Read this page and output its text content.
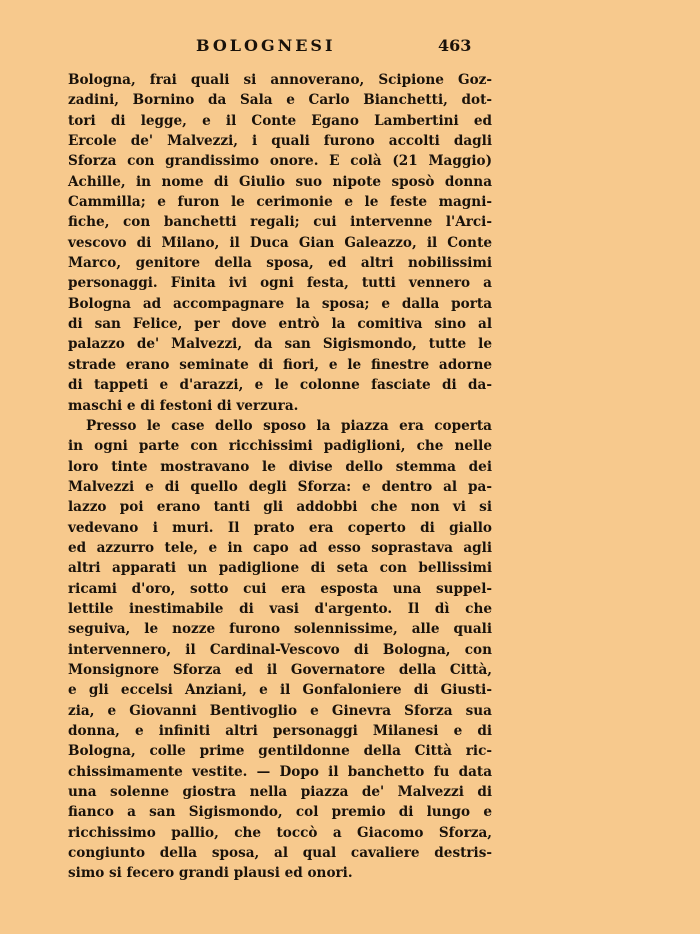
BOLOGNESI	463
Bologna, frai quali si annoverano, Scipione Goz-
zadini, Bornino da Sala e Carlo Bianchetti, dot-
tori di legge, e il Conte Egano Lambertini ed
Ercole de' Malvezzi, i quali furono accolti dagli
Sforza con grandissimo onore. E colà (21 Maggio)
Achille, in nome di Giulio suo nipote sposò donna
Cammilla; e furon le cerimonie e le feste magni-
fiche, con banchetti regali; cui intervenne l'Arci-
vescovo di Milano, il Duca Gian Galeazzo, il Conte
Marco, genitore della sposa, ed altri nobilissimi
personaggi. Finita ivi ogni festa, tutti vennero a
Bologna ad accompagnare la sposa; e dalla porta
di san Felice, per dove entrò la comitiva sino al
palazzo de' Malvezzi, da san Sigismondo, tutte le
strade erano seminate di fiori, e le finestre adorne
di tappeti e d'arazzi, e le colonne fasciate di da-
maschi e di festoni di verzura.
Presso le case dello sposo la piazza era coperta
in ogni parte con ricchissimi padiglioni, che nelle
loro tinte mostravano le divise dello stemma dei
Malvezzi e di quello degli Sforza: e dentro al pa-
lazzo poi erano tanti gli addobbi che non vi si
vedevano i muri. Il prato era coperto di giallo
ed azzurro tele, e in capo ad esso soprastava agli
altri apparati un padiglione di seta con bellissimi
ricami d'oro, sotto cui era esposta una suppel-
lettile inestimabile di vasi d'argento. Il dì che
seguiva, le nozze furono solennissime, alle quali
intervennero, il Cardinal-Vescovo di Bologna, con
Monsignore Sforza ed il Governatore della Città,
e gli eccelsi Anziani, e il Gonfaloniere di Giusti-
zia, e Giovanni Bentivoglio e Ginevra Sforza sua
donna, e infiniti altri personaggi Milanesi e di
Bologna, colle prime gentildonne della Città ric-
chissimamente vestite. — Dopo il banchetto fu data
una solenne giostra nella piazza de' Malvezzi di
fianco a san Sigismondo, col premio di lungo e
ricchissimo pallio, che toccò a Giacomo Sforza,
congiunto della sposa, al qual cavaliere destris-
simo si fecero grandi plausi ed onori.
